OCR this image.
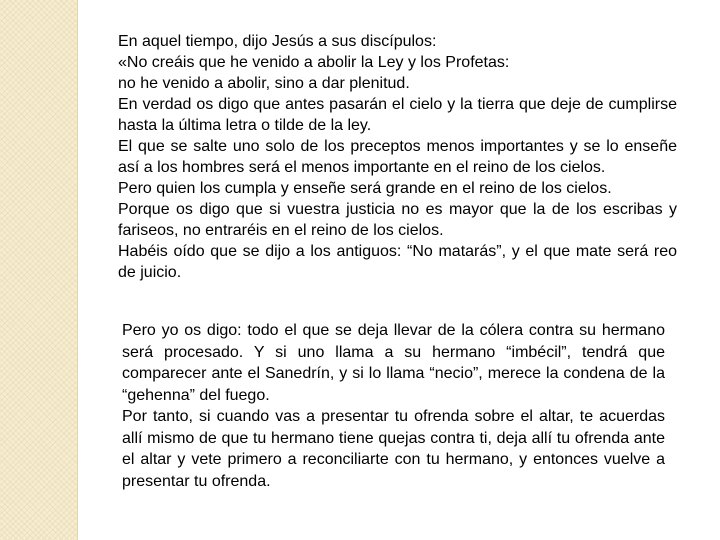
En aquel tiempo, dijo Jesús a sus discípulos:

«No creáis que he venido a abolir la Ley y los Profetas:

no he venido a abolir, sino a dar plenitud.

En verdad os digo que antes pasarán el cielo y la tierra que deje de cumplirse hasta la última letra o tilde de la ley.

El que se salte uno solo de los preceptos menos importantes y se lo enseñe así a los hombres será el menos importante en el reino de los cielos.

Pero quien los cumpla y enseñe será grande en el reino de los cielos.

Porque os digo que si vuestra justicia no es mayor que la de los escribas y fariseos, no entraréis en el reino de los cielos.

Habéis oído que se dijo a los antiguos: “No matarás”, y el que mate será reo de juicio.

Pero yo os digo: todo el que se deja llevar de la cólera contra su hermano será procesado. Y si uno llama a su hermano “imbécil”, tendrá que comparecer ante el Sanedrín, y si lo llama “necio”, merece la condena de la “gehenna” del fuego.

Por tanto, si cuando vas a presentar tu ofrenda sobre el altar, te acuerdas allí mismo de que tu hermano tiene quejas contra ti, deja allí tu ofrenda ante el altar y vete primero a reconciliarte con tu hermano, y entonces vuelve a presentar tu ofrenda.
